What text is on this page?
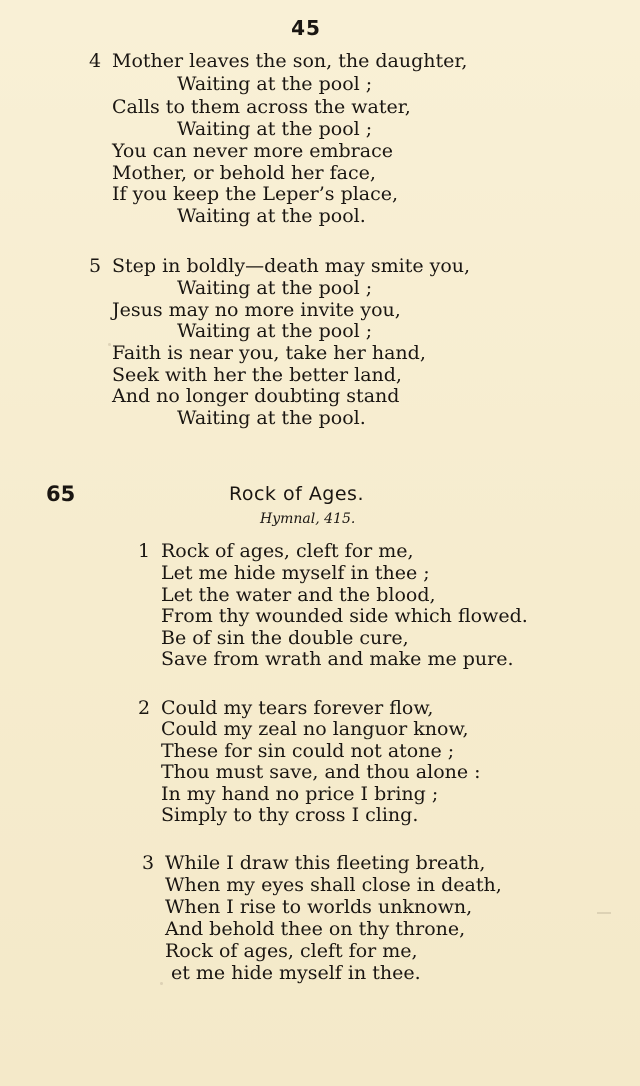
45
4 Mother leaves the son, the daughter,
Waiting at the pool ;
Calls to them across the water,
Waiting at the pool ;
You can never more embrace
Mother, or behold her face,
If you keep the Leper’s place,
Waiting at the pool.
5 Step in boldly—death may smite you,
Waiting at the pool ;
Jesus may no more invite you,
Waiting at the pool ;
Faith is near you, take her hand,
Seek with her the better land,
And no longer doubting stand
Waiting at the pool.
65	Rock of Ages.
Hymnal, 415.
1 Rock of ages, cleft for me,
Let me hide myself in thee ;
Let the water and the blood,
From thy wounded side which flowed.
Be of sin the double cure,
Save from wrath and make me pure.
2 Could my tears forever flow,
Could my zeal no languor know,
These for sin could not atone ;
Thou must save, and thou alone :
In my hand no price I bring ;
Simply to thy cross I cling.
3 While I draw this fleeting breath,
When my eyes shall close in death,
When I rise to worlds unknown,
And behold thee on thy throne,
Rock of ages, cleft for me,
et me hide myself in thee.
